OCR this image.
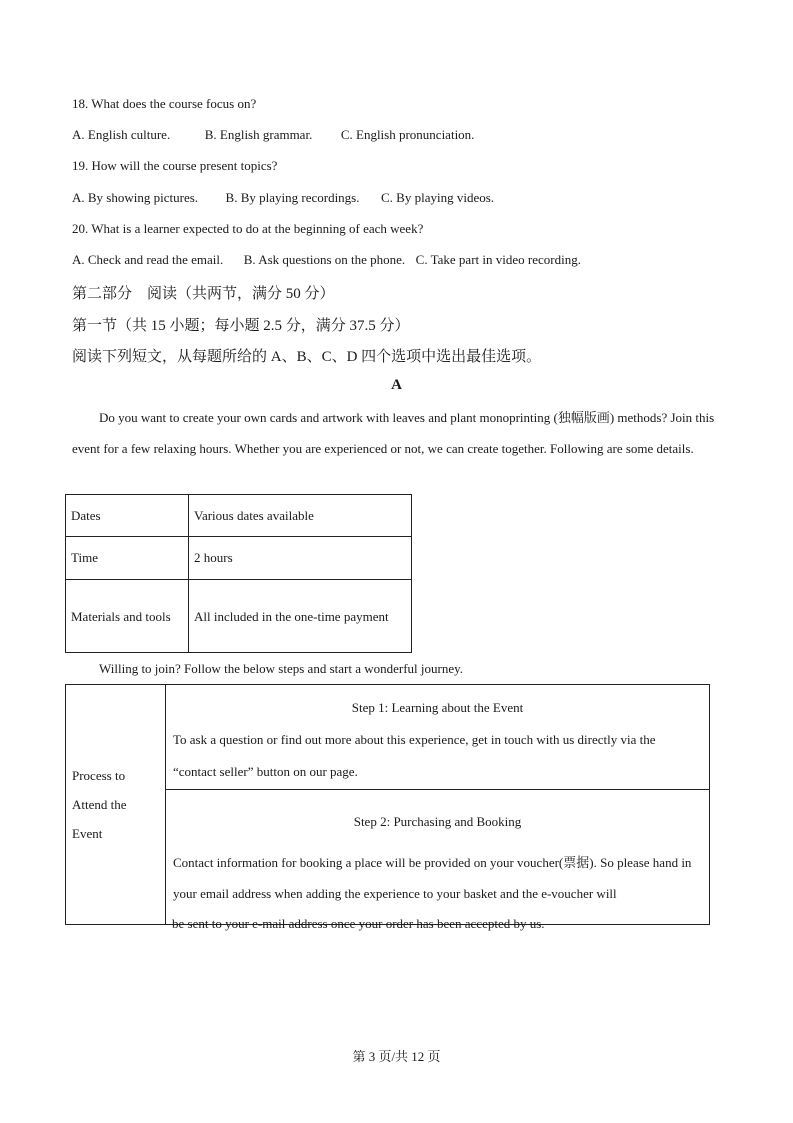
18. What does the course focus on?
A. English culture.	B. English grammar. C. English pronunciation.
19. How will the course present topics?
A. By showing pictures. B. By playing recordings. C. By playing videos.
20. What is a learner expected to do at the beginning of each week?
A. Check and read the email. B. Ask questions on the phone. C. Take part in video recording.
第二部分　阅读（共两节，满分 50 分）
第一节（共 15 小题；每小题 2.5 分，满分 37.5 分）
阅读下列短文，从每题所给的 A、B、C、D 四个选项中选出最佳选项。
A
Do you want to create your own cards and artwork with leaves and plant monoprinting (独幅版画) methods? Join this event for a few relaxing hours. Whether you are experienced or not, we can create together. Following are some details.
Dates	Various dates available
Time	2 hours
Materials and tools	All included in the one-time payment
Willing to join? Follow the below steps and start a wonderful journey.
Process to Attend the Event	
Step 1: Learning about the Event
To ask a question or find out more about this experience, get in touch with us directly via the “contact seller” button on our page.

Step 2: Purchasing and Booking
Contact information for booking a place will be provided on your voucher(票据). So please hand in your email address when adding the experience to your basket and the e-voucher will
be sent to your e-mail address once your order has been accepted by us.
第 3 页/共 12 页
